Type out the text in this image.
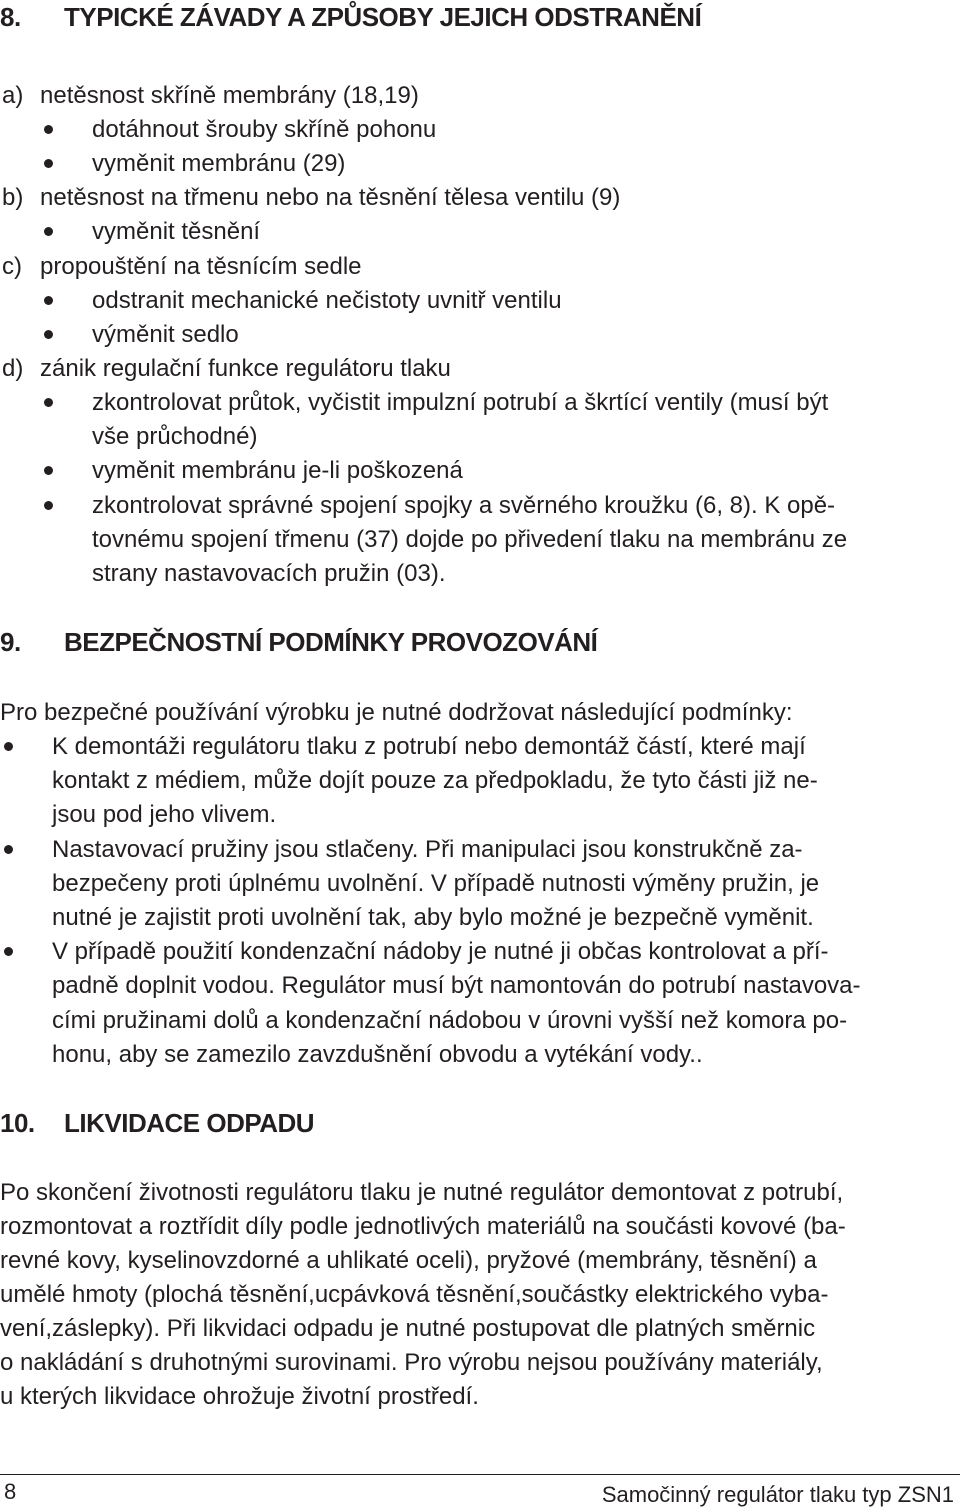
8. TYPICKÉ ZÁVADY A ZPŮSOBY JEJICH ODSTRANĚNÍ
a) netěsnost skříně membrány (18,19)
dotáhnout šrouby skříně pohonu
vyměnit membránu (29)
b) netěsnost na třmenu nebo na těsnění tělesa ventilu (9)
vyměnit těsnění
c) propouštění na těsnícím sedle
odstranit mechanické nečistoty uvnitř ventilu
výměnit sedlo
d) zánik regulační funkce regulátoru tlaku
zkontrolovat průtok, vyčistit impulzní potrubí a škrtící ventily (musí být
vše průchodné)
vyměnit membránu je-li poškozená
zkontrolovat správné spojení spojky a svěrného kroužku (6, 8). K opě-
tovnému spojení třmenu (37) dojde po přivedení tlaku na membránu ze
strany nastavovacích pružin (03).
9. BEZPEČNOSTNÍ PODMÍNKY PROVOZOVÁNÍ
Pro bezpečné používání výrobku je nutné dodržovat následující podmínky:
K demontáži regulátoru tlaku z potrubí nebo demontáž částí, které mají
kontakt z médiem, může dojít pouze za předpokladu, že tyto části již ne-
jsou pod jeho vlivem.
Nastavovací pružiny jsou stlačeny. Při manipulaci jsou konstrukčně za-
bezpečeny proti úplnému uvolnění. V případě nutnosti výměny pružin, je
nutné je zajistit proti uvolnění tak, aby bylo možné je bezpečně vyměnit.
V případě použití kondenzační nádoby je nutné ji občas kontrolovat a pří-
padně doplnit vodou. Regulátor musí být namontován do potrubí nastavova-
cími pružinami dolů a kondenzační nádobou v úrovni vyšší než komora po-
honu, aby se zamezilo zavzdušnění obvodu a vytékání vody..
10. LIKVIDACE ODPADU
Po skončení životnosti regulátoru tlaku je nutné regulátor demontovat z potrubí,
rozmontovat a roztřídit díly podle jednotlivých materiálů na součásti kovové (ba-
revné kovy, kyselinovzdorné a uhlikaté oceli), pryžové (membrány, těsnění) a
umělé hmoty (plochá těsnění,ucpávková těsnění,součástky elektrického vyba-
vení,záslepky). Při likvidaci odpadu je nutné postupovat dle platných směrnic
o nakládání s druhotnými surovinami. Pro výrobu nejsou používány materiály,
u kterých likvidace ohrožuje životní prostředí.
8	Samočinný regulátor tlaku typ ZSN1
